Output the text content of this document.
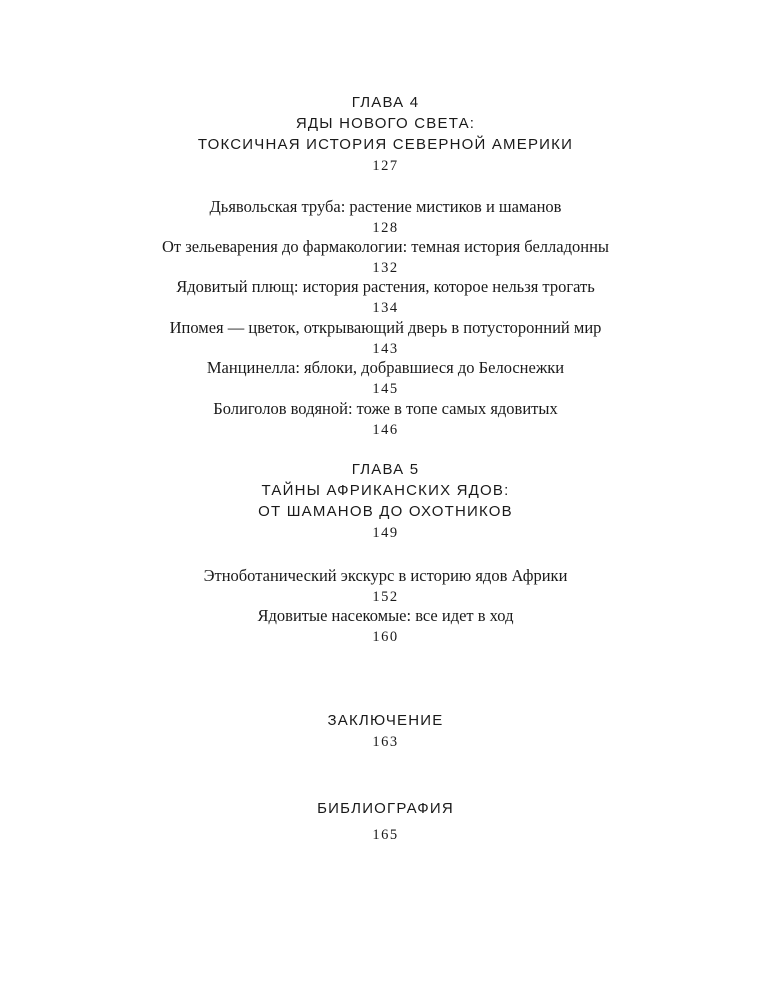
ГЛАВА 4
ЯДЫ НОВОГО СВЕТА:
ТОКСИЧНАЯ ИСТОРИЯ СЕВЕРНОЙ АМЕРИКИ
127
Дьявольская труба: растение мистиков и шаманов
128
От зельеварения до фармакологии: темная история белладонны
132
Ядовитый плющ: история растения, которое нельзя трогать
134
Ипомея — цветок, открывающий дверь в потусторонний мир
143
Манцинелла: яблоки, добравшиеся до Белоснежки
145
Болиголов водяной: тоже в топе самых ядовитых
146
ГЛАВА 5
ТАЙНЫ АФРИКАНСКИХ ЯДОВ:
ОТ ШАМАНОВ ДО ОХОТНИКОВ
149
Этноботанический экскурс в историю ядов Африки
152
Ядовитые насекомые: все идет в ход
160
ЗАКЛЮЧЕНИЕ
163
БИБЛИОГРАФИЯ
165
